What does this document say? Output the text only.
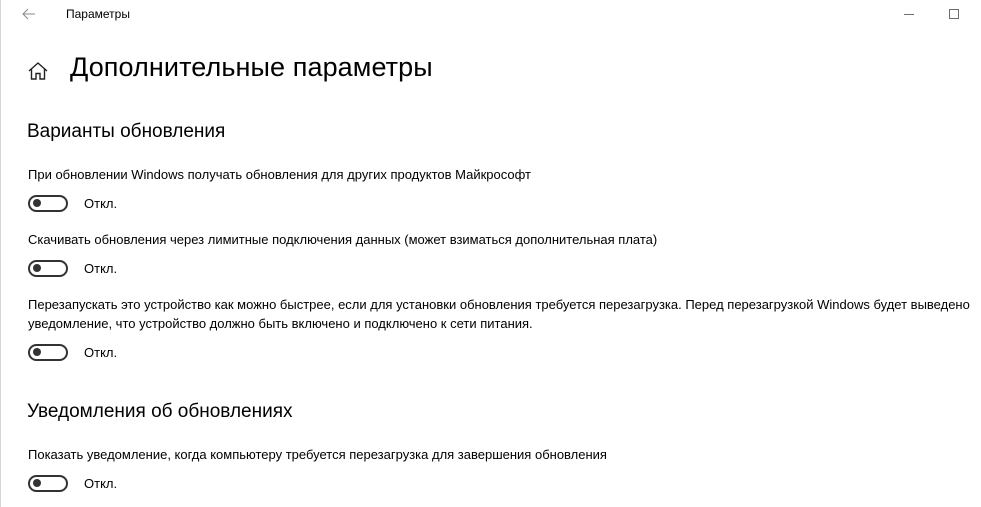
Параметры
Дополнительные параметры
Варианты обновления
При обновлении Windows получать обновления для других продуктов Майкрософт
Откл.
Скачивать обновления через лимитные подключения данных (может взиматься дополнительная плата)
Откл.
Перезапускать это устройство как можно быстрее, если для установки обновления требуется перезагрузка. Перед перезагрузкой Windows будет выведено уведомление, что устройство должно быть включено и подключено к сети питания.
Откл.
Уведомления об обновлениях
Показать уведомление, когда компьютеру требуется перезагрузка для завершения обновления
Откл.
